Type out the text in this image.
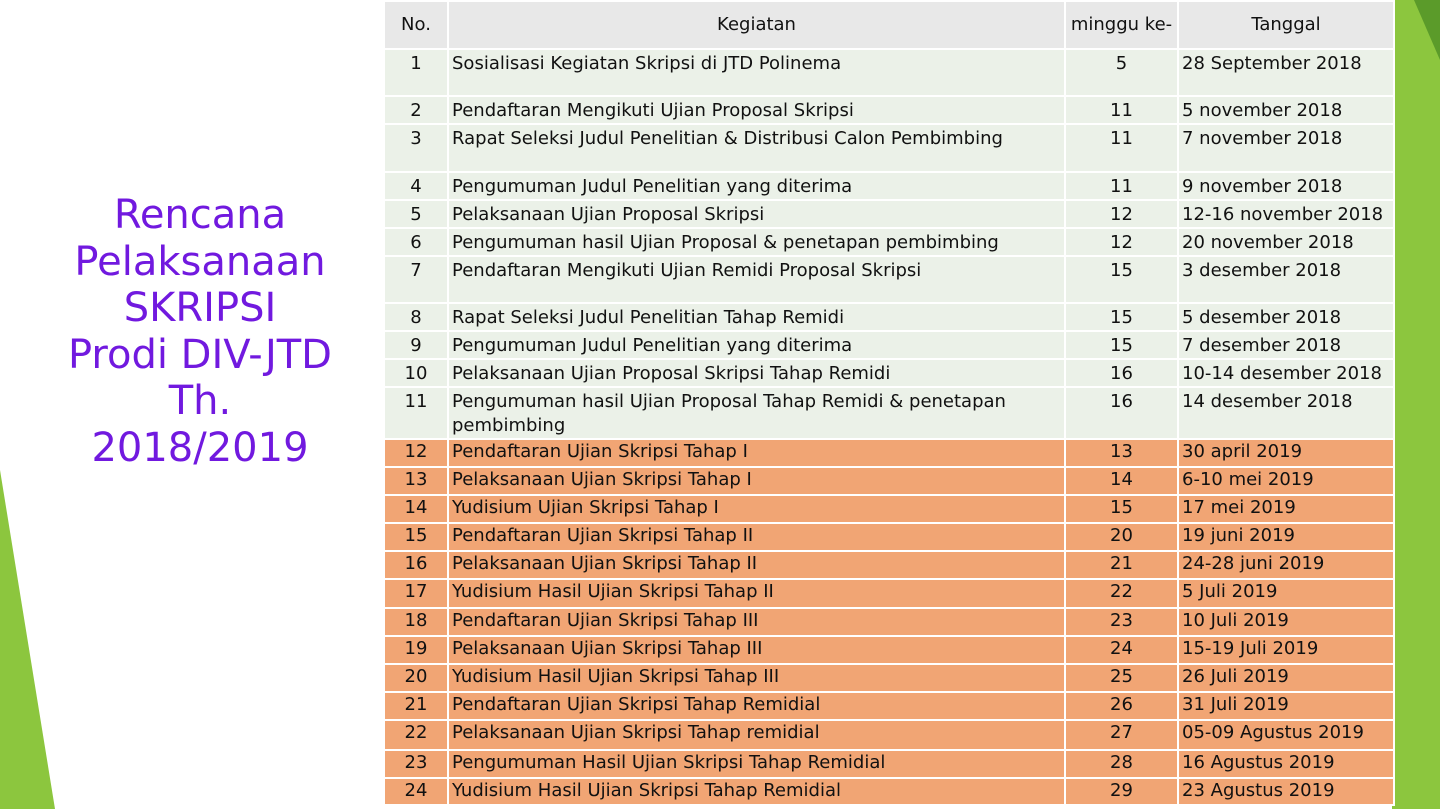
Rencana
Pelaksanaan
SKRIPSI
Prodi DIV-JTD
Th.
2018/2019
No.	Kegiatan	minggu ke-	Tanggal
1	Sosialisasi Kegiatan Skripsi di JTD Polinema	5	28 September 2018
2	Pendaftaran Mengikuti Ujian Proposal Skripsi	11	5 november 2018
3	Rapat Seleksi Judul Penelitian & Distribusi Calon Pembimbing	11	7 november 2018
4	Pengumuman Judul Penelitian yang diterima	11	9 november 2018
5	Pelaksanaan Ujian Proposal Skripsi	12	12-16 november 2018
6	Pengumuman hasil Ujian Proposal & penetapan pembimbing	12	20 november 2018
7	Pendaftaran Mengikuti Ujian Remidi Proposal Skripsi	15	3 desember 2018
8	Rapat Seleksi Judul Penelitian Tahap Remidi	15	5 desember 2018
9	Pengumuman Judul Penelitian yang diterima	15	7 desember 2018
10	Pelaksanaan Ujian Proposal Skripsi Tahap Remidi	16	10-14 desember 2018
11	Pengumuman hasil Ujian Proposal Tahap Remidi & penetapan pembimbing	16	14 desember 2018
12	Pendaftaran Ujian Skripsi Tahap I	13	30 april 2019
13	Pelaksanaan Ujian Skripsi Tahap I	14	6-10 mei 2019
14	Yudisium Ujian Skripsi Tahap I	15	17 mei 2019
15	Pendaftaran Ujian Skripsi Tahap II	20	19 juni 2019
16	Pelaksanaan Ujian Skripsi Tahap II	21	24-28 juni 2019
17	Yudisium Hasil Ujian Skripsi Tahap II	22	5 Juli 2019
18	Pendaftaran Ujian Skripsi Tahap III	23	10 Juli 2019
19	Pelaksanaan Ujian Skripsi Tahap III	24	15-19 Juli 2019
20	Yudisium Hasil Ujian Skripsi Tahap III	25	26 Juli 2019
21	Pendaftaran Ujian Skripsi Tahap Remidial	26	31 Juli 2019
22	Pelaksanaan Ujian Skripsi Tahap remidial	27	05-09 Agustus 2019
23	Pengumuman Hasil Ujian Skripsi Tahap Remidial	28	16 Agustus 2019
24	Yudisium Hasil Ujian Skripsi Tahap Remidial	29	23 Agustus 2019
